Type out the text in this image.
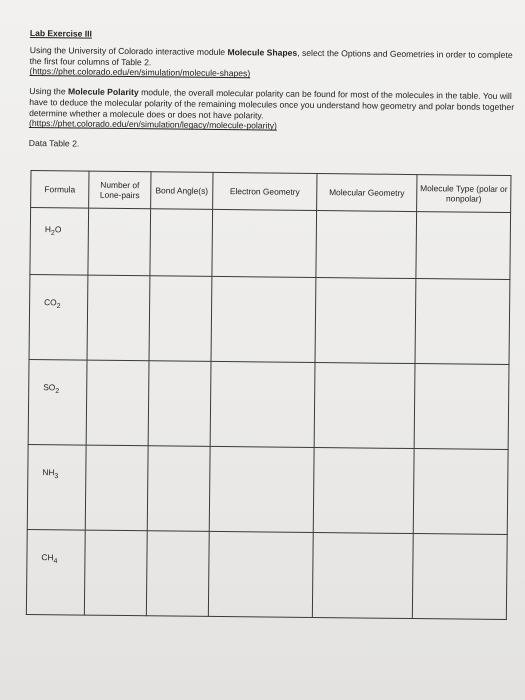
Lab Exercise III

Using the University of Colorado interactive module Molecule Shapes, select the Options and Geometries in order to complete the first four columns of Table 2.
(https://phet.colorado.edu/en/simulation/molecule-shapes)

Using the Molecule Polarity module, the overall molecular polarity can be found for most of the molecules in the table. You will have to deduce the molecular polarity of the remaining molecules once you understand how geometry and polar bonds together determine whether a molecule does or does not have polarity.
(https://phet.colorado.edu/en/simulation/legacy/molecule-polarity)

Data Table 2.
Formula	Number of Lone-pairs	Bond Angle(s)	Electron Geometry	Molecular Geometry	Molecule Type (polar or nonpolar)
$H_2O$					
$CO_2$					
$SO_2$					
$NH_3$					
$CH_4$					
